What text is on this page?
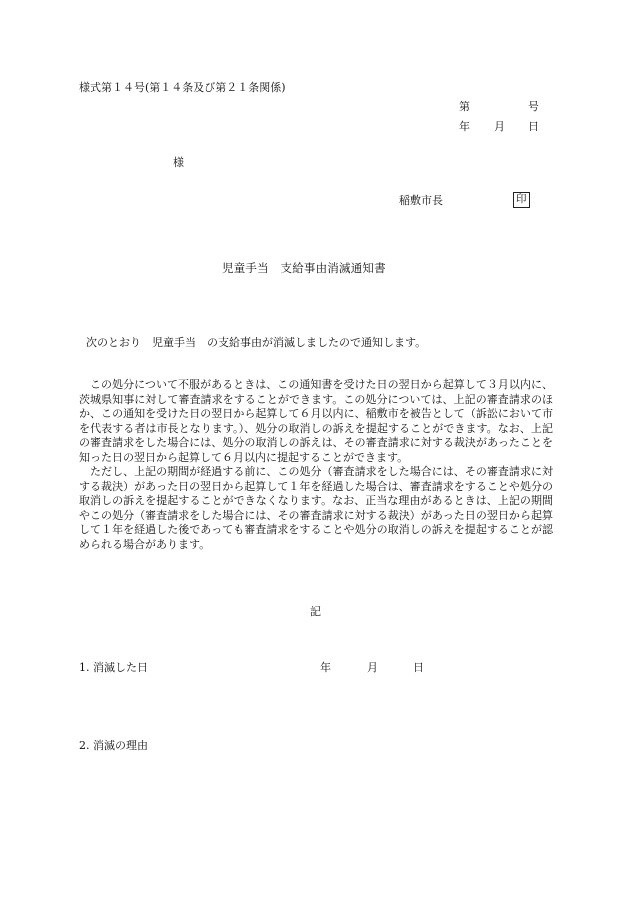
様式第１４号(第１４条及び第２１条関係)
第	号
年 月 日
様
稲敷市長	印
児童手当　支給事由消滅通知書
次のとおり　児童手当　の支給事由が消滅しましたので通知します。

この処分について不服があるときは、この通知書を受けた日の翌日から起算して３月以内に、茨城県知事に対して審査請求をすることができます。この処分については、上記の審査請求のほか、この通知を受けた日の翌日から起算して６月以内に、稲敷市を被告として（訴訟において市を代表する者は市長となります。）、処分の取消しの訴えを提起することができます。なお、上記の審査請求をした場合には、処分の取消しの訴えは、その審査請求に対する裁決があったことを知った日の翌日から起算して６月以内に提起することができます。

ただし、上記の期間が経過する前に、この処分（審査請求をした場合には、その審査請求に対する裁決）があった日の翌日から起算して１年を経過した場合は、審査請求をすることや処分の取消しの訴えを提起することができなくなります。なお、正当な理由があるときは、上記の期間やこの処分（審査請求をした場合には、その審査請求に対する裁決）があった日の翌日から起算して１年を経過した後であっても審査請求をすることや処分の取消しの訴えを提起することが認められる場合があります。

記
1. 消滅した日	年	月	日
2. 消滅の理由
